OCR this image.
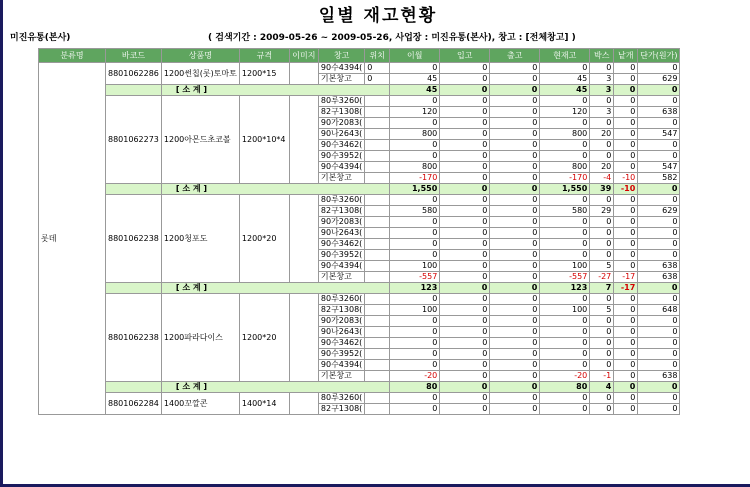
일별 재고현황
미진유통(본사)	( 검색기간 : 2009-05-26 ~ 2009-05-26, 사업장 : 미진유통(본사), 창고 : [전체창고] )
분류명	바코드	상품명	규격	이미지	창고	위치	이월	입고	출고	현재고	박스	낱개	단가(원가)
롯데	8801062286	1200썬칩(롯)토마토	1200*15		90수4394(	0	0	0	0	0	0	0	0
					기본창고	0	45	0	0	45	3	0	629
		[ 소 계 ]					45	0	0	45	3	0	0
	8801062273	1200아몬드초코볼	1200*10*4		80루3260(		0	0	0	0	0	0	0
					82구1308(		120	0	0	120	3	0	638
					90가2083(		0	0	0	0	0	0	0
					90나2643(		800	0	0	800	20	0	547
					90수3462(		0	0	0	0	0	0	0
					90수3952(		0	0	0	0	0	0	0
					90수4394(		800	0	0	800	20	0	547
					기본창고		-170	0	0	-170	-4	-10	582
		[ 소 계 ]					1,550	0	0	1,550	39	-10	0
	8801062238	1200청포도	1200*20		80루3260(		0	0	0	0	0	0	0
					82구1308(		580	0	0	580	29	0	629
					90가2083(		0	0	0	0	0	0	0
					90나2643(		0	0	0	0	0	0	0
					90수3462(		0	0	0	0	0	0	0
					90수3952(		0	0	0	0	0	0	0
					90수4394(		100	0	0	100	5	0	638
					기본창고		-557	0	0	-557	-27	-17	638
		[ 소 계 ]					123	0	0	123	7	-17	0
	8801062238	1200파라다이스	1200*20		80루3260(		0	0	0	0	0	0	0
					82구1308(		100	0	0	100	5	0	648
					90가2083(		0	0	0	0	0	0	0
					90나2643(		0	0	0	0	0	0	0
					90수3462(		0	0	0	0	0	0	0
					90수3952(		0	0	0	0	0	0	0
					90수4394(		0	0	0	0	0	0	0
					기본창고		-20	0	0	-20	-1	0	638
		[ 소 계 ]					80	0	0	80	4	0	0
	8801062284	1400꼬깔콘	1400*14		80루3260(		0	0	0	0	0	0	0
					82구1308(		0	0	0	0	0	0	0
